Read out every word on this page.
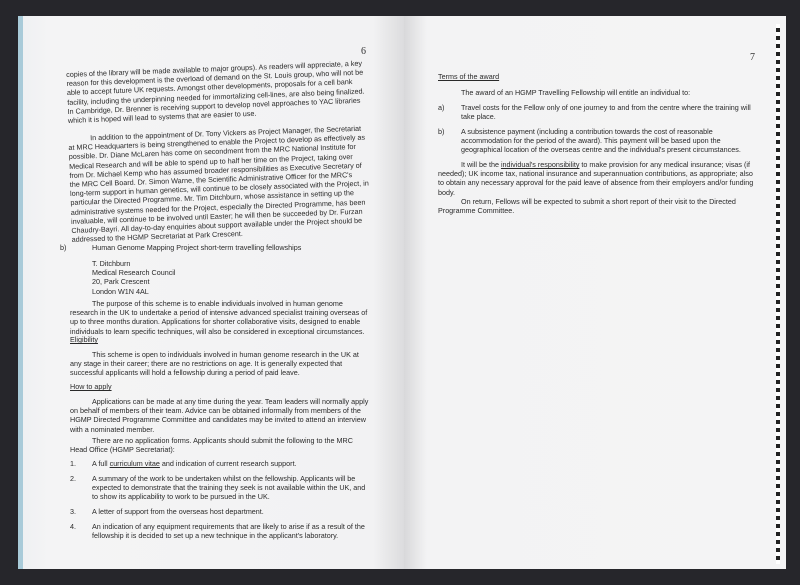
6

copies of the library will be made available to major groups). As readers will appreciate, a key reason for this development is the overload of demand on the St. Louis group, who will not be able to accept future UK requests. Amongst other developments, proposals for a cell bank facility, including the underpinning needed for immortalizing cell-lines, are also being finalized. In Cambridge, Dr. Brenner is receiving support to develop novel approaches to YAC libraries which it is hoped will lead to systems that are easier to use.

In addition to the appointment of Dr. Tony Vickers as Project Manager, the Secretariat at MRC Headquarters is being strengthened to enable the Project to develop as effectively as possible. Dr. Diane McLaren has come on secondment from the MRC National Institute for Medical Research and will be able to spend up to half her time on the Project, taking over from Dr. Michael Kemp who has assumed broader responsibilities as Executive Secretary of the MRC Cell Board. Dr. Simon Warne, the Scientific Administrative Officer for the MRC's long-term support in human genetics, will continue to be closely associated with the Project, in particular the Directed Programme. Mr. Tim Ditchburn, whose assistance in setting up the administrative systems needed for the Project, especially the Directed Programme, has been invaluable, will continue to be involved until Easter; he will then be succeeded by Dr. Furzan Chaudry-Bayri. All day-to-day enquiries about support available under the Project should be addressed to the HGMP Secretariat at Park Crescent.

b)	Human Genome Mapping Project short-term travelling fellowships

T. Ditchburn

Medical Research Council

20, Park Crescent

London W1N 4AL

The purpose of this scheme is to enable individuals involved in human genome research in the UK to undertake a period of intensive advanced specialist training overseas of up to three months duration. Applications for shorter collaborative visits, designed to enable individuals to learn specific techniques, will also be considered in exceptional circumstances.

Eligibility

This scheme is open to individuals involved in human genome research in the UK at any stage in their career; there are no restrictions on age. It is generally expected that successful applicants will hold a fellowship during a period of paid leave.

How to apply

Applications can be made at any time during the year. Team leaders will normally apply on behalf of members of their team. Advice can be obtained informally from members of the HGMP Directed Programme Committee and candidates may be invited to attend an interview with a nominated member.

There are no application forms. Applicants should submit the following to the MRC Head Office (HGMP Secretariat):

1. A full curriculum vitae and indication of current research support.
2. A summary of the work to be undertaken whilst on the fellowship. Applicants will be expected to demonstrate that the training they seek is not available within the UK, and to show its applicability to work to be pursued in the UK.
3. A letter of support from the overseas host department.
4. An indication of any equipment requirements that are likely to arise if as a result of the fellowship it is decided to set up a new technique in the applicant's laboratory.
7
Terms of the award
The award of an HGMP Travelling Fellowship will entitle an individual to:
a) Travel costs for the Fellow only of one journey to and from the centre where the training will take place.
b) A subsistence payment (including a contribution towards the cost of reasonable accommodation for the period of the award). This payment will be based upon the geographical location of the overseas centre and the individual's present circumstances.

It will be the individual's responsibility to make provision for any medical insurance; visas (if needed); UK income tax, national insurance and superannuation contributions, as appropriate; also to obtain any necessary approval for the paid leave of absence from their employers and/or funding body.

On return, Fellows will be expected to submit a short report of their visit to the Directed Programme Committee.
